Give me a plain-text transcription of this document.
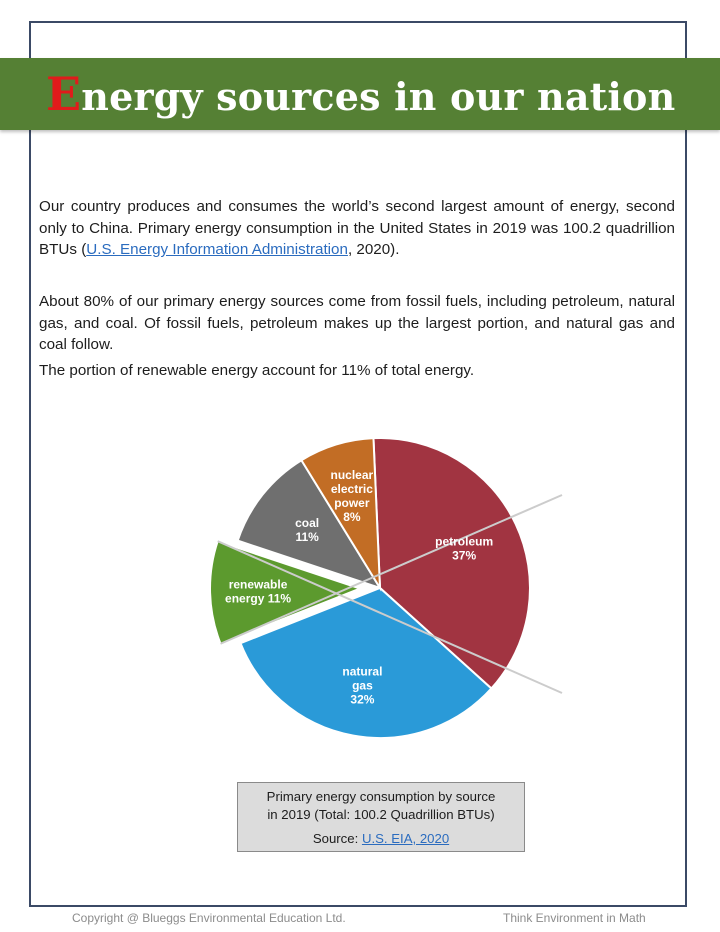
Energy sources in our nation

Our country produces and consumes the world’s second largest amount of energy, second only to China. Primary energy consumption in the United States in 2019 was 100.2 quadrillion BTUs (U.S. Energy Information Administration, 2020).

About 80% of our primary energy sources come from fossil fuels, including petroleum, natural gas, and coal. Of fossil fuels, petroleum makes up the largest portion, and natural gas and coal follow.

The portion of renewable energy account for 11% of total energy.

petroleum 37%
natural gas 32%
renewable energy 11%
coal 11%
nuclear electric power 8%
Primary energy consumption by source
in 2019 (Total: 100.2 Quadrillion BTUs)
Source: U.S. EIA, 2020
Copyright @ Blueggs Environmental Education Ltd.	Think Environment in Math
